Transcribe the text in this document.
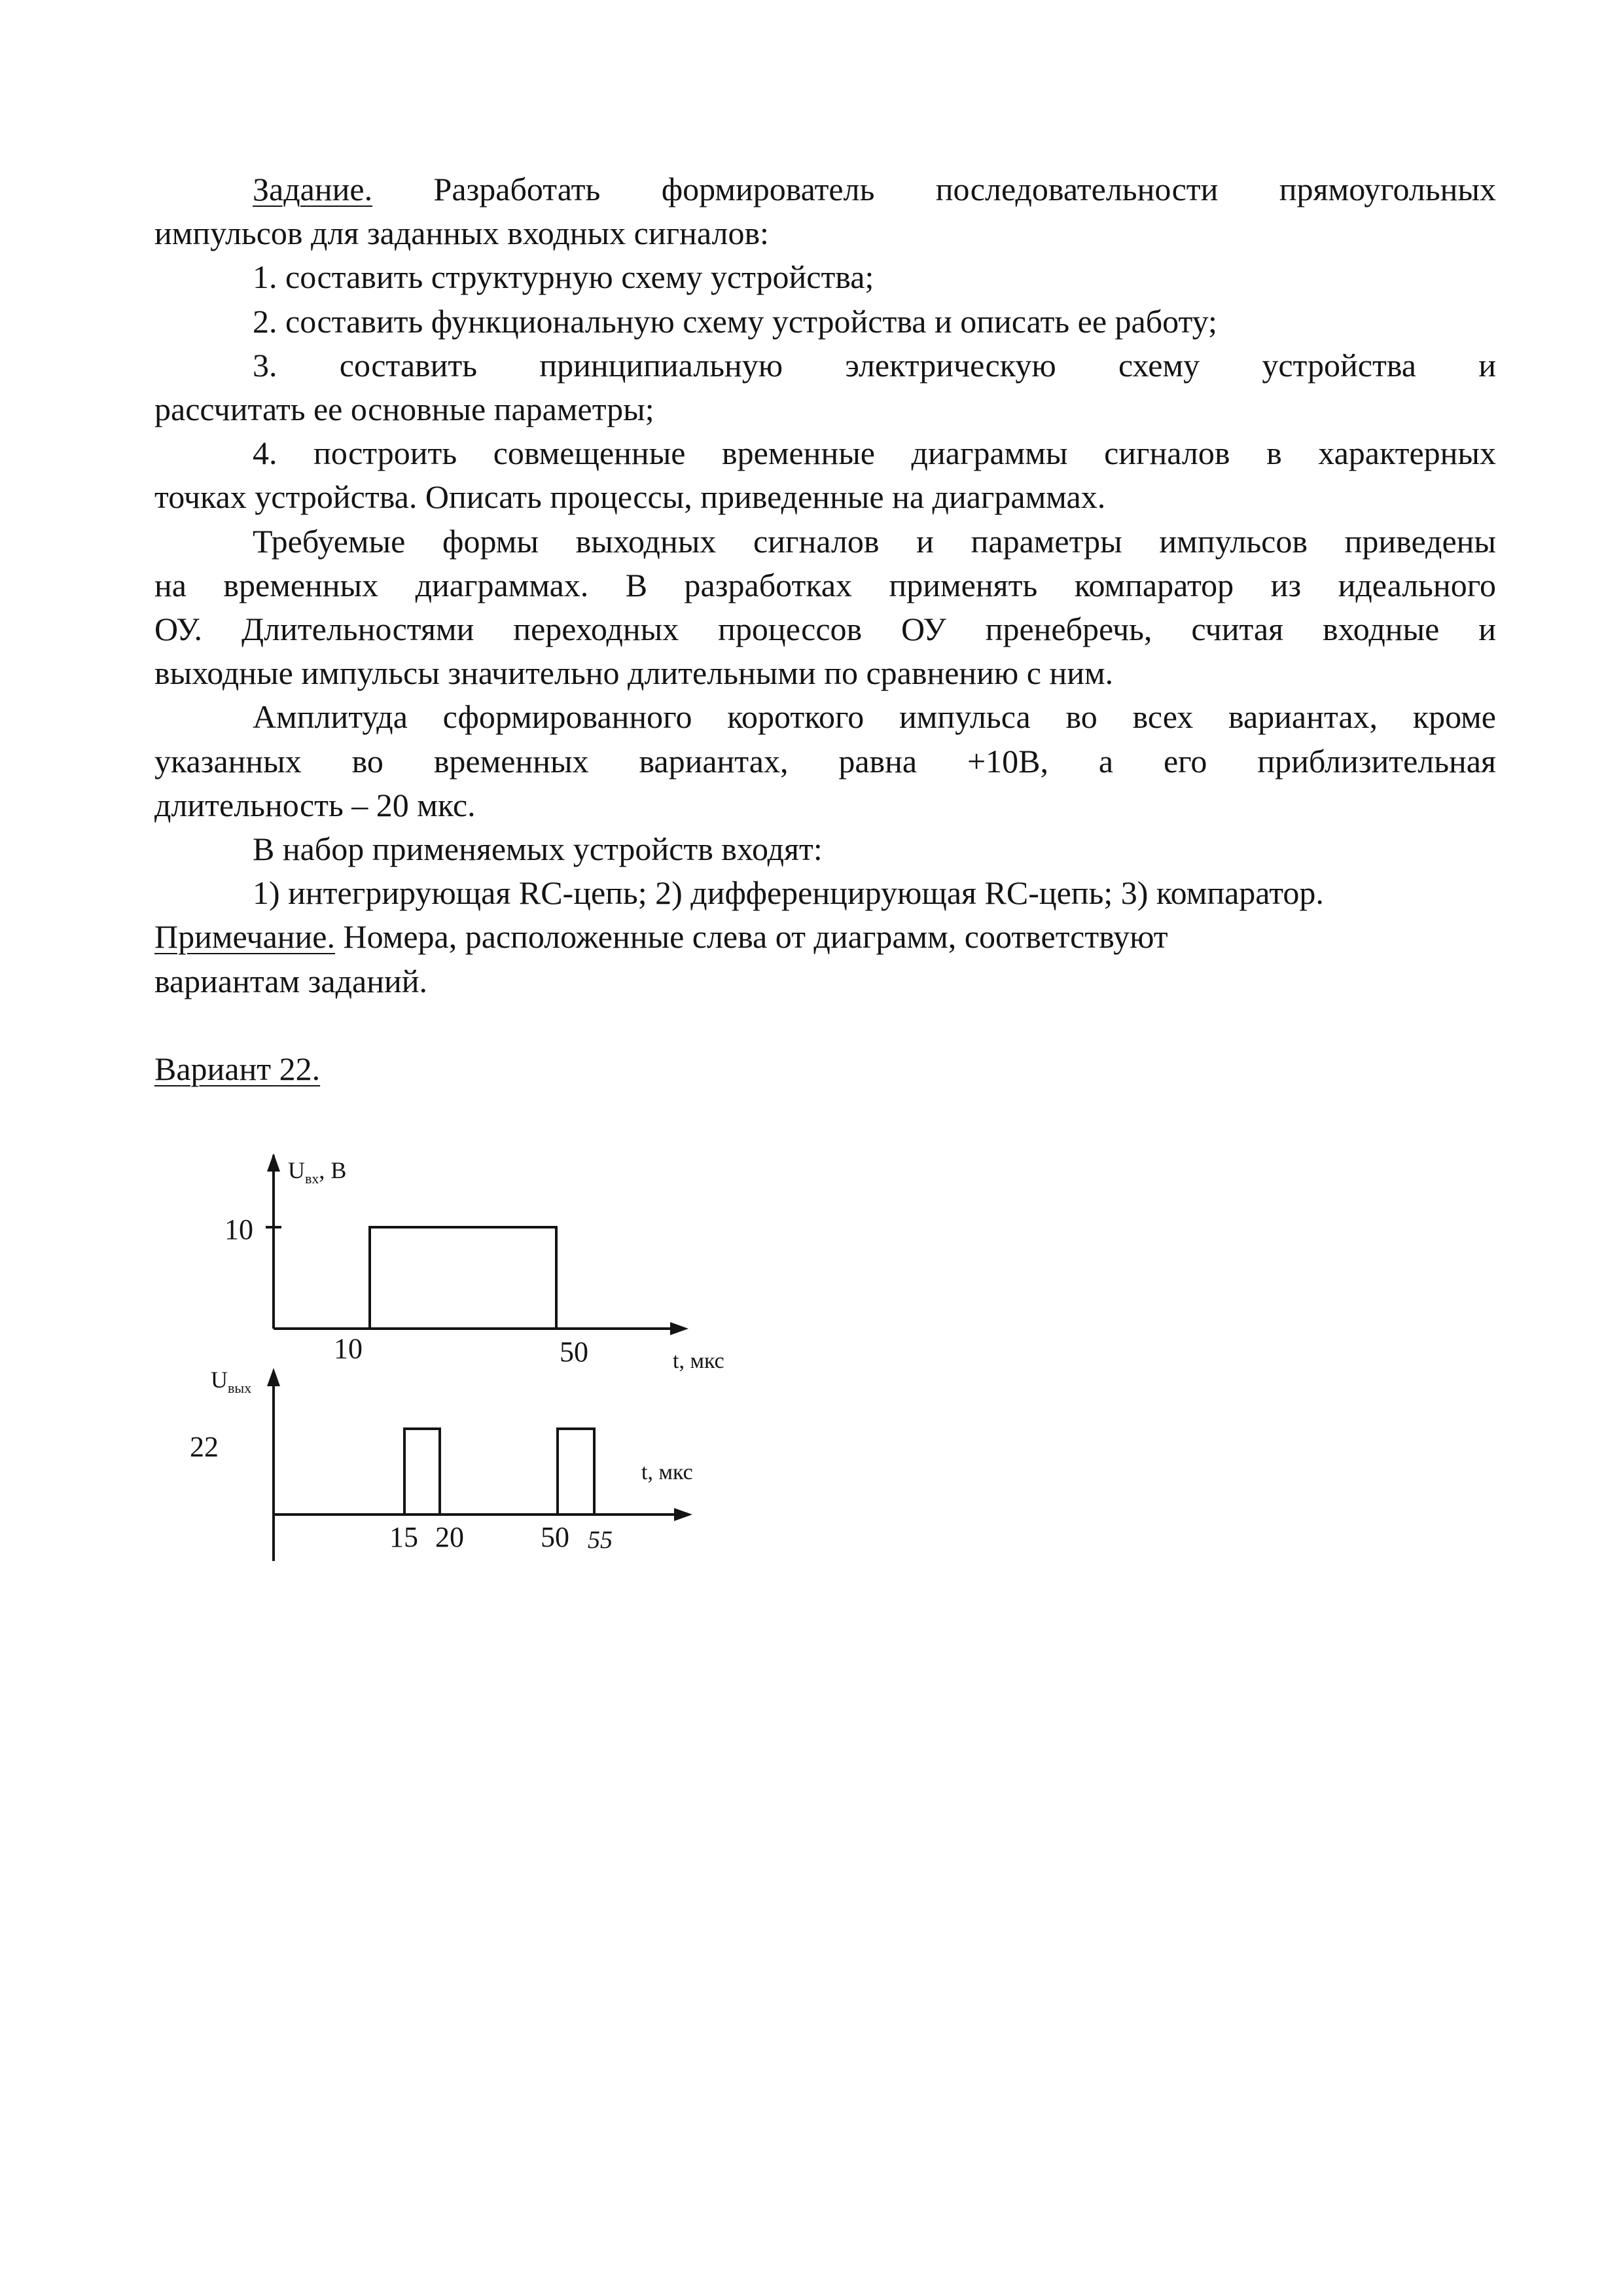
Задание. Разработать формирователь последовательности прямоугольных

импульсов для заданных входных сигналов:

1. составить структурную схему устройства;

2. составить функциональную схему устройства и описать ее работу;

3. составить принципиальную электрическую схему устройства и

рассчитать ее основные параметры;

4. построить совмещенные временные диаграммы сигналов в характерных

точках устройства. Описать процессы, приведенные на диаграммах.

Требуемые формы выходных сигналов и параметры импульсов приведены

на временных диаграммах. В разработках применять компаратор из идеального

ОУ. Длительностями переходных процессов ОУ пренебречь, считая входные и

выходные импульсы значительно длительными по сравнению с ним.

Амплитуда сформированного короткого импульса во всех вариантах, кроме

указанных во временных вариантах, равна +10В, а его приблизительная

длительность – 20 мкс.

В набор применяемых устройств входят:

1) интегрирующая RC-цепь; 2) дифференцирующая RC-цепь; 3) компаратор.

Примечание. Номера, расположенные слева от диаграмм, соответствуют

вариантам заданий.

Вариант 22.

$U_{вх}$, В
10
10	50	t, мкс
$U_{вых}$
22
t, мкс
15 20	50 55
